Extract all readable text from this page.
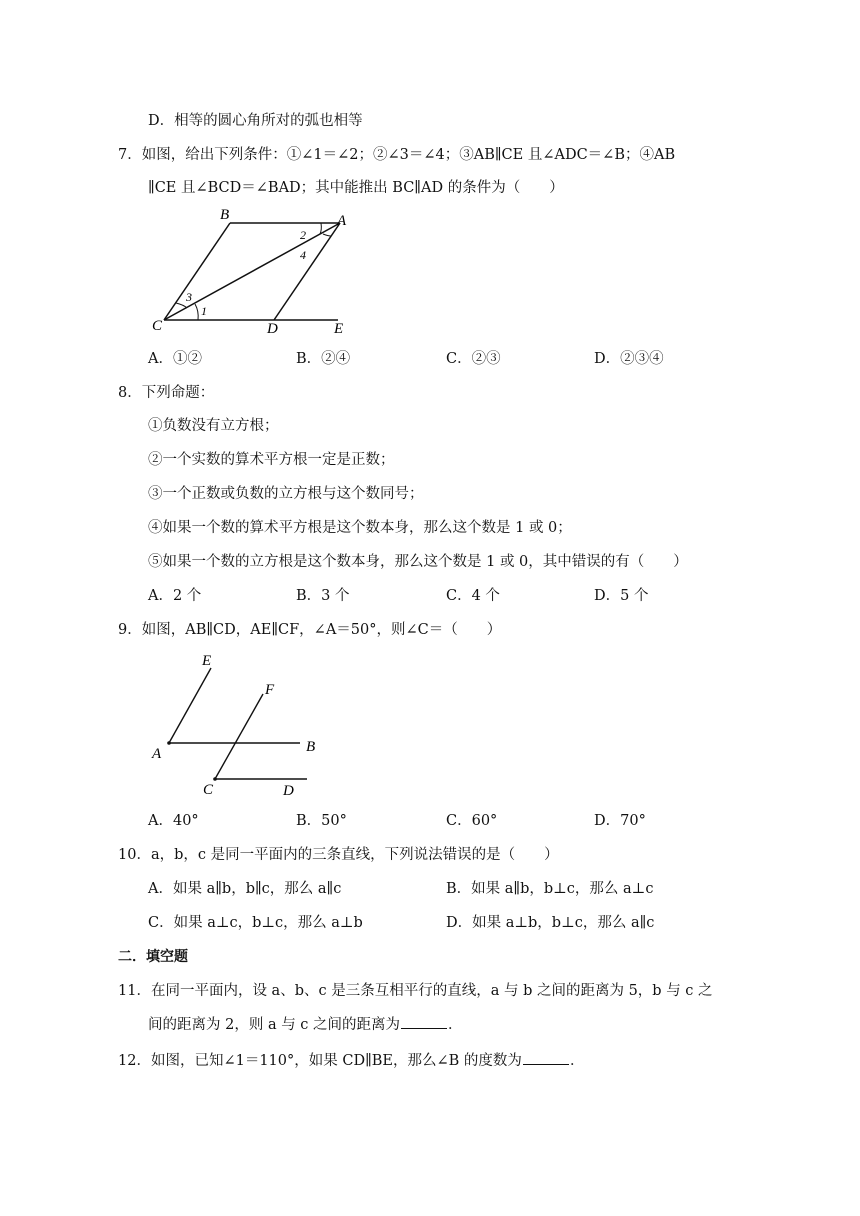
D．相等的圆心角所对的弧也相等
7．如图，给出下列条件：①∠1＝∠2；②∠3＝∠4；③AB∥CE 且∠ADC＝∠B；④AB
∥CE 且∠BCD＝∠BAD；其中能推出 BC∥AD 的条件为（　　）
B	A
C	D	E
1
2
3
4
A．①②	B．②④	C．②③	D．②③④
8．下列命题：
①负数没有立方根；
②一个实数的算术平方根一定是正数；
③一个正数或负数的立方根与这个数同号；
④如果一个数的算术平方根是这个数本身，那么这个数是 1 或 0；
⑤如果一个数的立方根是这个数本身，那么这个数是 1 或 0，其中错误的有（　　）
A．2 个	B．3 个	C．4 个	D．5 个
9．如图，AB∥CD，AE∥CF，∠A＝50°，则∠C＝（　　）
E
F
A	B
C	D
A．40°	B．50°	C．60°	D．70°
10．a，b，c 是同一平面内的三条直线，下列说法错误的是（　　）
A．如果 a∥b，b∥c，那么 a∥c	B．如果 a∥b，b⊥c，那么 a⊥c
C．如果 a⊥c，b⊥c，那么 a⊥b	D．如果 a⊥b，b⊥c，那么 a∥c
二．填空题
11．在同一平面内，设 a、b、c 是三条互相平行的直线，a 与 b 之间的距离为 5，b 与 c 之
间的距离为 2，则 a 与 c 之间的距离为	．
12．如图，已知∠1＝110°，如果 CD∥BE，那么∠B 的度数为	．
